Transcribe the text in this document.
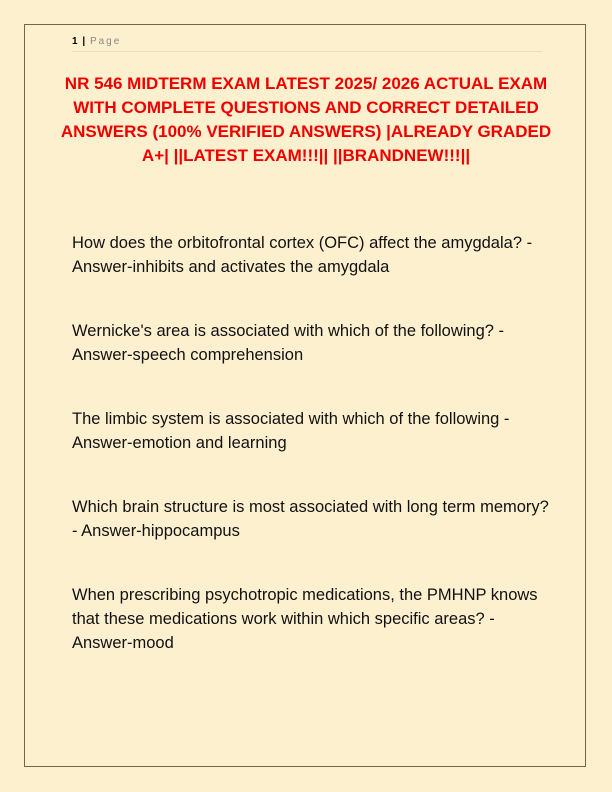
1 | Page
NR 546 MIDTERM EXAM LATEST 2025/ 2026 ACTUAL EXAM WITH COMPLETE QUESTIONS AND CORRECT DETAILED ANSWERS (100% VERIFIED ANSWERS) |ALREADY GRADED A+| ||LATEST EXAM!!!|| ||BRANDNEW!!!||
How does the orbitofrontal cortex (OFC) affect the amygdala? - Answer-inhibits and activates the amygdala
Wernicke's area is associated with which of the following? - Answer-speech comprehension
The limbic system is associated with which of the following - Answer-emotion and learning
Which brain structure is most associated with long term memory? - Answer-hippocampus
When prescribing psychotropic medications, the PMHNP knows that these medications work within which specific areas? - Answer-mood
